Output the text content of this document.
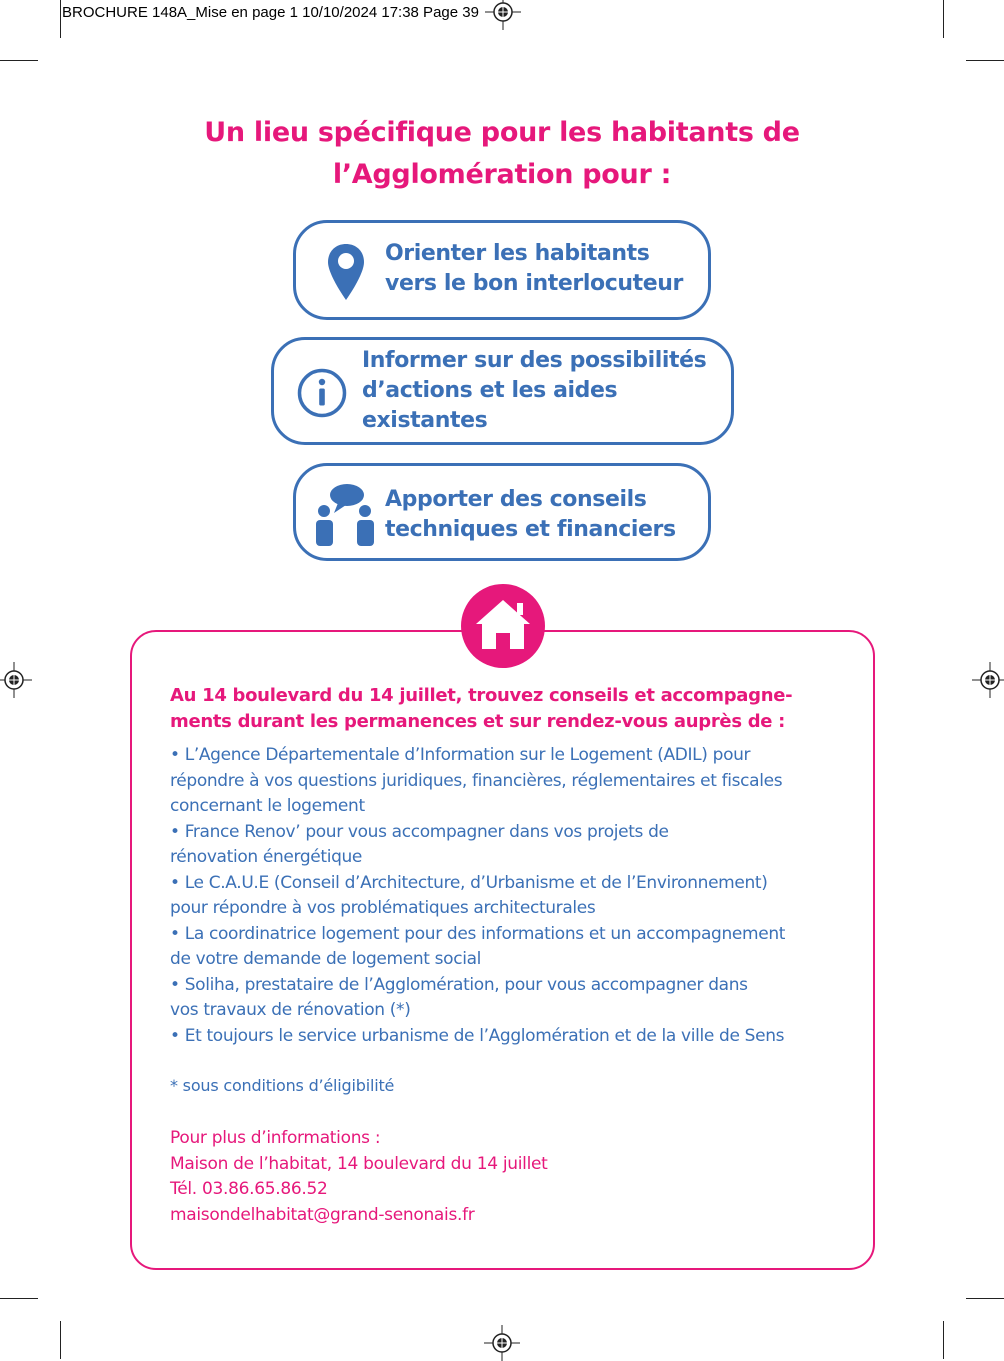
BROCHURE 148A_Mise en page 1 10/10/2024 17:38 Page 39
Un lieu spécifique pour les habitants de
l’Agglomération pour :
Orienter les habitants
vers le bon interlocuteur
Informer sur des possibilités
d’actions et les aides
existantes
Apporter des conseils
techniques et financiers
Au 14 boulevard du 14 juillet, trouvez conseils et accompagne-
ments durant les permanences et sur rendez-vous auprès de :

• L’Agence Départementale d’Information sur le Logement (ADIL) pour
répondre à vos questions juridiques, financières, réglementaires et fiscales
concernant le logement

• France Renov’ pour vous accompagner dans vos projets de
rénovation énergétique

• Le C.A.U.E (Conseil d’Architecture, d’Urbanisme et de l’Environnement)
pour répondre à vos problématiques architecturales

• La coordinatrice logement pour des informations et un accompagnement
de votre demande de logement social

• Soliha, prestataire de l’Agglomération, pour vous accompagner dans
vos travaux de rénovation (*)

• Et toujours le service urbanisme de l’Agglomération et de la ville de Sens

* sous conditions d’éligibilité
Pour plus d’informations :
Maison de l’habitat, 14 boulevard du 14 juillet
Tél. 03.86.65.86.52
maisondelhabitat@grand-senonais.fr
